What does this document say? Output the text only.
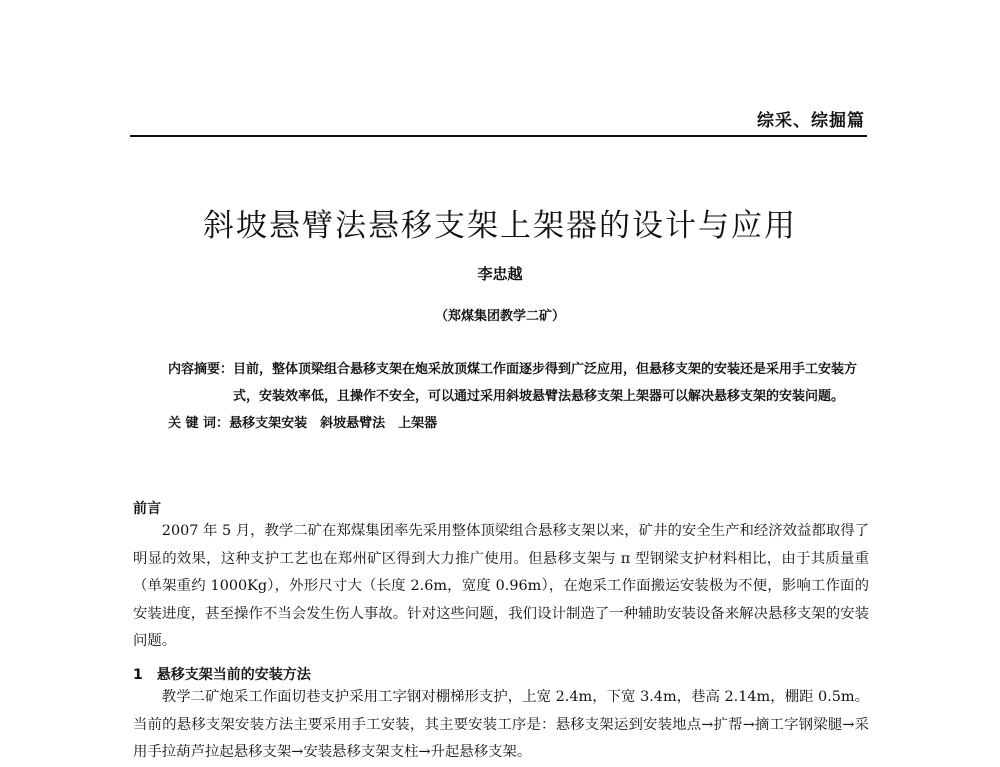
综采、综掘篇
斜坡悬臂法悬移支架上架器的设计与应用
李忠越
（郑煤集团教学二矿）
内容摘要： 目前，整体顶梁组合悬移支架在炮采放顶煤工作面逐步得到广泛应用，但悬移支架的安装还是采用手工安装方式，安装效率低，且操作不安全，可以通过采用斜坡悬臂法悬移支架上架器可以解决悬移支架的安装问题。
关 键 词： 悬移支架安装　斜坡悬臂法　上架器
前言
2007 年 5 月，教学二矿在郑煤集团率先采用整体顶梁组合悬移支架以来，矿井的安全生产和经济效益都取得了明显的效果，这种支护工艺也在郑州矿区得到大力推广使用。但悬移支架与 π 型钢梁支护材料相比，由于其质量重（单架重约 1000Kg），外形尺寸大（长度 2.6m，宽度 0.96m），在炮采工作面搬运安装极为不便，影响工作面的安装进度，甚至操作不当会发生伤人事故。针对这些问题，我们设计制造了一种辅助安装设备来解决悬移支架的安装问题。
1　悬移支架当前的安装方法
教学二矿炮采工作面切巷支护采用工字钢对棚梯形支护，上宽 2.4m，下宽 3.4m，巷高 2.14m，棚距 0.5m。当前的悬移支架安装方法主要采用手工安装，其主要安装工序是：悬移支架运到安装地点→扩帮→摘工字钢梁腿→采用手拉葫芦拉起悬移支架→安装悬移支架支柱→升起悬移支架。
